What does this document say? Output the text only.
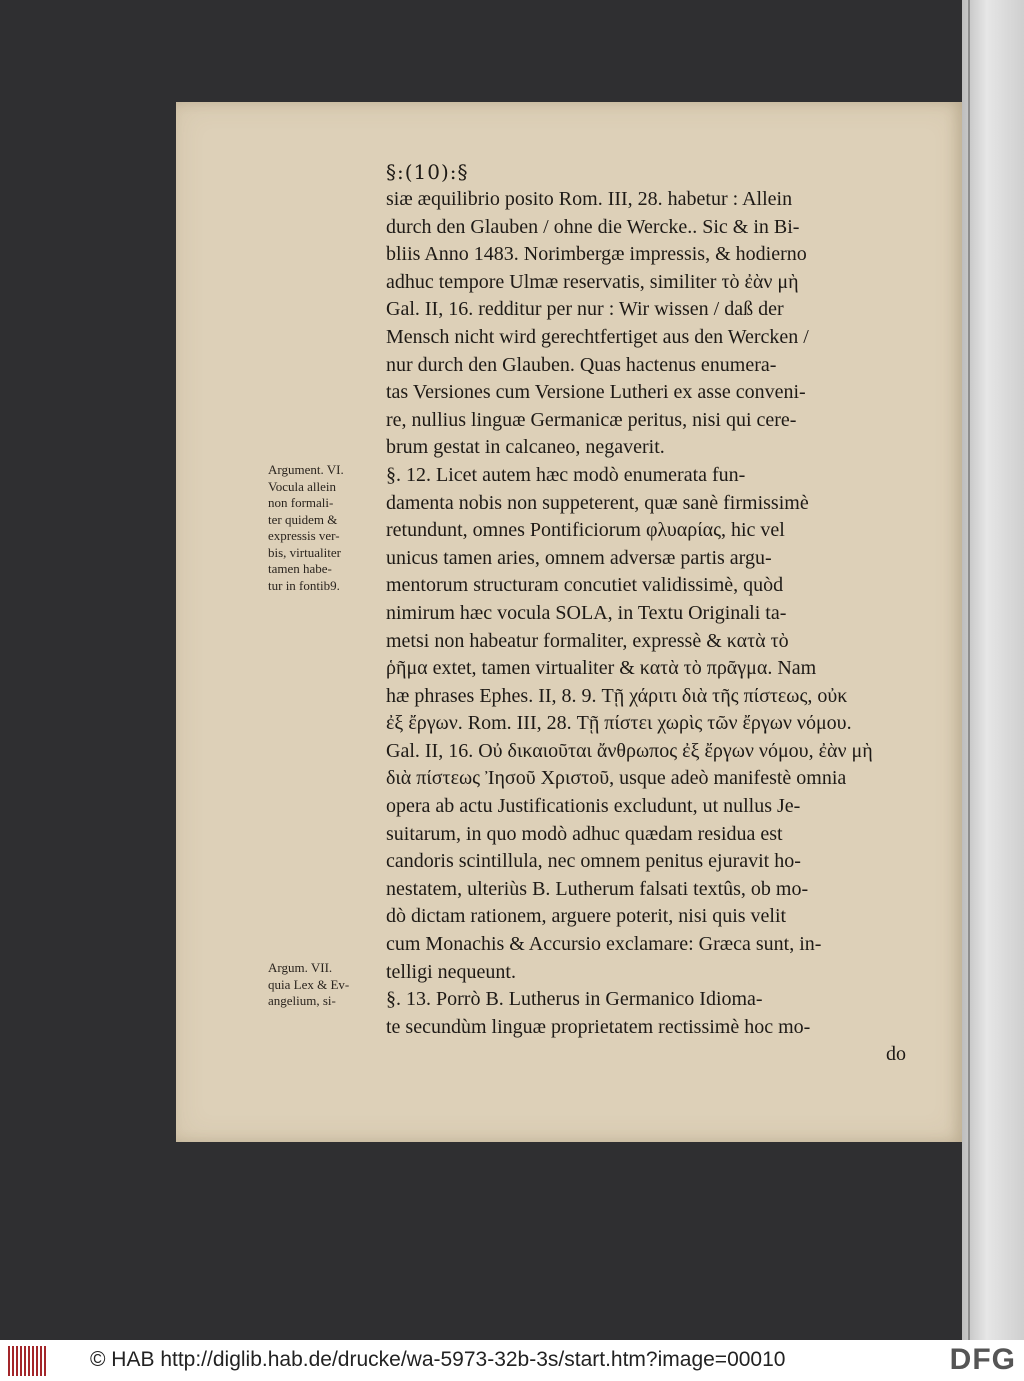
§:(10):§
siæ æquilibrio posito Rom. III, 28. habetur : Allein
durch den Glauben / ohne die Wercke.. Sic & in Bi-
bliis Anno 1483. Norimbergæ impressis, & hodierno
adhuc tempore Ulmæ reservatis, similiter τὸ ἐὰν μὴ
Gal. II, 16. redditur per nur : Wir wissen / daß der
Mensch nicht wird gerechtfertiget aus den Wercken /
nur durch den Glauben. Quas hactenus enumera-
tas Versiones cum Versione Lutheri ex asse conveni-
re, nullius linguæ Germanicæ peritus, nisi qui cere-
brum gestat in calcaneo, negaverit.
§. 12. Licet autem hæc modò enumerata fun-
damenta nobis non suppeterent, quæ sanè firmissimè
retundunt, omnes Pontificiorum φλυαρίας, hic vel
unicus tamen aries, omnem adversæ partis argu-
mentorum structuram concutiet validissimè, quòd
nimirum hæc vocula SOLA, in Textu Originali ta-
metsi non habeatur formaliter, expressè & κατὰ τὸ
ῥῆμα extet, tamen virtualiter & κατὰ τὸ πρᾶγμα. Nam
hæ phrases Ephes. II, 8. 9. Τῇ χάριτι διὰ τῆς πίστεως, οὐκ
ἐξ ἔργων. Rom. III, 28. Τῇ πίστει χωρὶς τῶν ἔργων νόμου.
Gal. II, 16. Οὐ δικαιοῦται ἄνθρωπος ἐξ ἔργων νόμου, ἐὰν μὴ
διὰ πίστεως Ἰησοῦ Χριστοῦ, usque adeò manifestè omnia
opera ab actu Justificationis excludunt, ut nullus Je-
suitarum, in quo modò adhuc quædam residua est
candoris scintillula, nec omnem penitus ejuravit ho-
nestatem, ulteriùs B. Lutherum falsati textûs, ob mo-
dò dictam rationem, arguere poterit, nisi quis velit
cum Monachis & Accursio exclamare: Græca sunt, in-
telligi nequeunt.
§. 13. Porrò B. Lutherus in Germanico Idioma-
te secundùm linguæ proprietatem rectissimè hoc mo-
do
Argument. VI.
Vocula allein
non formali-
ter quidem &
expressis ver-
bis, virtualiter
tamen habe-
tur in fontib9.
Argum. VII.
quia Lex & Ev-
angelium, si-
© HAB http://diglib.hab.de/drucke/wa-5973-32b-3s/start.htm?image=00010	DFG
